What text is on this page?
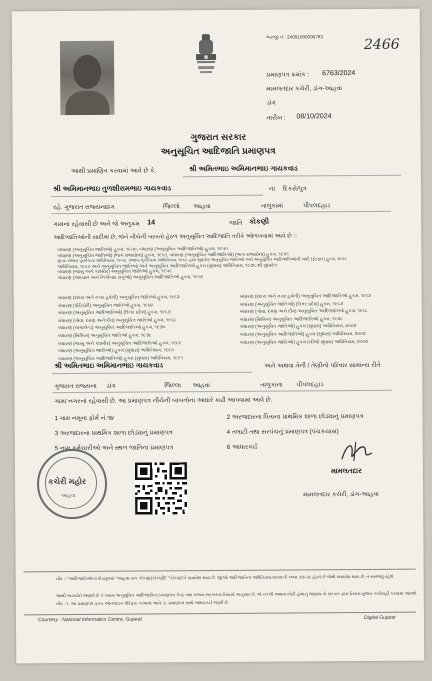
અરજી નં : 24091000006783	2466
પ્રમાણપત્ર ક્રમાંક : 6763/2024
મામલતદાર કચેરી, ડાંગ-આહવા
ડાંગ
તારીખ : 08/10/2024
ગુજરાત સરકાર
અનુસૂચિત આદિજાતિ પ્રમાણપત્ર
આથી પ્રમાણિત કરવામાં આવે છે કે,	શ્રી અમિતભાઇ અમિમાનભાઇ ગાયકવાડ
શ્રી અમિમાનભાઇ તુળશીરામભાઇ ગાયકવાડ	ના દિકરો/પુત્ર
રહે. ગુજરાત રાજ્યના
ડાંગ	જિલ્લો આહવા	તાલુકામાં	પીપલદહાડ
ગામના રહેવાસી છે અને જે અનુક્રમ 14	જાતિ કોકણી
આદિજાતિઓની યાદીમાં છે, જેને નીચેની બાબતો હેઠળ અનુસૂચિત આદિજાતિ તરીકે ઓળખવામાં આવે છે :-
બંધારણ (અનુસૂચિત જાતિઓ) હુકમ, ૧૯૫૦, બંધારણ (અનુસૂચિત આદિજાતિઓ) હુકમ, ૧૯૫૦
બંધારણ (અનુસૂચિત જાતિઓ) (ભાગ રાજ્યોના) હુકમ, ૧૯૫૧, બંધારણ (અનુસૂચિત આદિજાતિઓ) (ભાગ રાજ્યોના) હુકમ, ૧૯૫૧
મુંબઇ રાજ્ય પુનર્રચના અધિનિયમ, ૧૯૫૬, પંજાબ પુનર્રચના અધિનિયમ, ૧૯૬૬ દ્વારા સુધારેલ અનુસૂચિત જાતિઓ અને અનુસૂચિત આદિજાતિઓની યાદી (ફેરફાર) હુકમ, ૧૯૫૬
અધિનિયમ, ૧૯૬૦ અને અનુસૂચિત જાતિઓ અને અનુસૂચિત આદિજાતિઓ હુકમ (સુધારા) અધિનિયમ, ૧૯૭૬ થી સુધારેલ
બંધારણ (જમ્મુ અને કાશ્મીર) અનુસૂચિત જાતિઓ હુકમ, ૧૯૫૬
બંધારણ (અંદમાન અને નિકોબાર ટાપુઓ) અનુસૂચિત આદિજાતિઓ હુકમ, ૧૯૫૯
બંધારણ (દાદરા અને નગર હવેલી) અનુસૂચિત જાતિઓ હુકમ, ૧૯૬૨
બંધારણ (પોંડિચેરી) અનુસૂચિત જાતિઓ હુકમ, ૧૯૬૪
બંધારણ (અનુસૂચિત આદિજાતિઓ) (ઉત્તર પ્રદેશ) હુકમ, ૧૯૬૭
બંધારણ (ગોવા, દમણ અને દીવ) અનુસૂચિત જાતિઓ હુકમ, ૧૯૬૮
બંધારણ (નાગાલેન્ડ) અનુસૂચિત આદિજાતિઓ હુકમ, ૧૯૭૦
બંધારણ (સિક્કિમ) અનુસૂચિત જાતિઓ હુકમ, ૧૯૭૮
બંધારણ (જમ્મુ અને કાશ્મીર) અનુસૂચિત આદિજાતિઓ હુકમ, ૧૯૮૯
બંધારણ (અનુસૂચિત જાતિઓ) હુકમ (સુધારા) અધિનિયમ, ૧૯૯૦
બંધારણ (અનુસૂચિત આદિજાતિઓ) હુકમ (સુધારા) અધિનિયમ, ૧૯૯૧
બંધારણ (દાદરા અને નગર હવેલી) અનુસૂચિત આદિજાતિઓ હુકમ, ૧૯૬૨
બંધારણ (અનુસૂચિત જાતિઓ) (ઉત્તર પ્રદેશ) હુકમ, ૧૯૬૭
બંધારણ (ગોવા, દમણ અને દીવ) અનુસૂચિત આદિજાતિઓ હુકમ, ૧૯૬૮
બંધારણ (સિક્કિમ) અનુસૂચિત આદિજાતિઓ હુકમ, ૧૯૭૮
બંધારણ (અનુસૂચિત જાતિઓ) હુકમ (સુધારા) અધિનિયમ, ૨૦૦૨
બંધારણ (અનુસૂચિત આદિજાતિઓ) હુકમ (સુધારા) અધિનિયમ, ૨૦૦૨
બંધારણ (અનુસૂચિત જાતિઓ) હુકમ (બીજો સુધારા) અધિનિયમ, ૨૦૦૨
શ્રી અમિતભાઇ અમિમાનભાઇ ગાયકવાડ	અને અથવા તેની / તેણીનો પરિવાર સામાન્ય રીતે
ગુજરાત રાજ્યના ડાંગ	જિલ્લા આહવા	તાલુકાના પીપલદહાડ
ગામ/ નગરનાં રહેવાસી છે. આ પ્રમાણપત્ર નીચેની બાબતોના આધારે કાઢી આપવામાં આવે છે.
1 ગામ નમૂના ફોર્મ નં.૧૪	2 અરજદારના પિતાના પ્રાથમિક શાળા છોડ્યાનું પ્રમાણપત્ર
3 અરજદારના પ્રાથમિક શાળા છોડ્યાનું પ્રમાણપત્ર	4 તલાટી તથા સરપંચનું પ્રમાણપત્ર (પંચકયાસ)
5 નામ કર્મચારીઓ અને સ્થળ જાતિના પ્રમાણપત્ર	6 આધારકાર્ડ
કચેરી મહોર
આહવા
મામલતદાર
મામલતદાર કચેરી, ડાંગ-આહવા
નોંધ :- "આદિજાતિઓનાં શેડયુલમાં "આહવા-ડાંગ કોંકણાં(કોંકણી)" "કોંકણા"ને સમાવેશ થાય છે. જીઓ આદિજાતિના અધિનિયમ,૨૦૦૨ની કલમ ૩૭-૩૮ હેઠળ છે જેથી સમાવેશ થાય છે. તે સમજવું રહેશે.
આથી બાયપ્રોને જણાવે છે કે તમામ અનુસૂચિત આદિજાતિના પ્રમાણપત્ર કેન્દ્ર તથા રાજ્ય સરકારના નિયમો અનુસાર છે, જે નકલી અથવા ખોટી હોવાનું જણાય તો સરકાર દ્વારા નિયમ મુજબ કાર્યવાહી કરવામાં આવશે.
નોંધ : ૧. આ પ્રમાણપત્ર ફક્ત ઓનલાઇન વેરિફાઇ કરવામાં આવે. ૨. પ્રમાણપત્ર સાથે આધારકાર્ડ જરૂરી છે.
Courtesy : National Informatics Centre, Gujarat	Digital Gujarat
